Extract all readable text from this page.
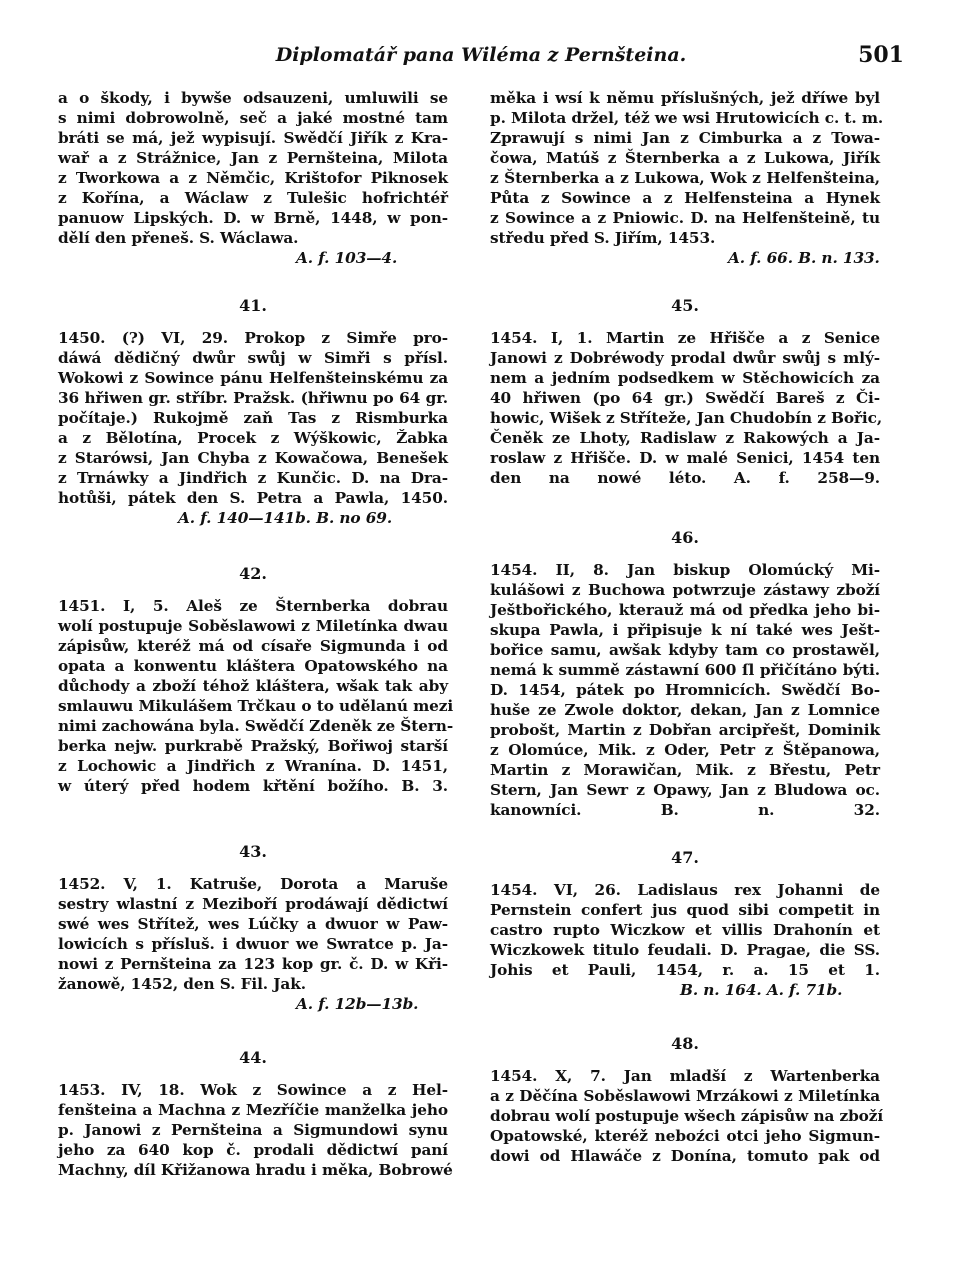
Diplomatář pana Wiléma z Pernšteina.	501
a o škody, i bywše odsauzeni, umluwili se
s nimi dobrowolně, seč a jaké mostné tam
bráti se má, jež wypisují. Swědčí Jiřík z Kra-
wař a z Strážnice, Jan z Pernšteina, Milota
z Tworkowa a z Němčic, Krištofor Piknosek
z Kořína, a Wáclaw z Tulešic hofrichtéř
panuow Lipských. D. w Brně, 1448, w pon-
dělí den přeneš. S. Wáclawa.
A. f. 103—4.
41.
1450. (?) VI, 29. Prokop z Simře pro-
dáwá dědičný dwůr swůj w Simři s přísl.
Wokowi z Sowince pánu Helfenšteinskému za
36 hřiwen gr. stříbr. Pražsk. (hřiwnu po 64 gr.
počítaje.) Rukojmě zaň Tas z Rismburka
a z Bělotína, Procek z Wýškowic, Žabka
z Starówsi, Jan Chyba z Kowačowa, Benešek
z Trnáwky a Jindřich z Kunčic. D. na Dra-
hotůši, pátek den S. Petra a Pawla, 1450.
A. f. 140—141b. B. no 69.
42.
1451. I, 5. Aleš ze Šternberka dobrau
wolí postupuje Soběslawowi z Miletínka dwau
zápisůw, kteréž má od císaře Sigmunda i od
opata a konwentu kláštera Opatowského na
důchody a zboží téhož kláštera, wšak tak aby
smlauwu Mikulášem Trčkau o to udělanú mezi
nimi zachowána byla. Swědčí Zdeněk ze Štern-
berka nejw. purkrabě Pražský, Bořiwoj starší
z Lochowic a Jindřich z Wranína. D. 1451,
w úterý před hodem křtění božího. B. 3.
43.
1452. V, 1. Katruše, Dorota a Maruše
sestry wlastní z Meziboří prodáwají dědictwí
swé wes Střítež, wes Lúčky a dwuor w Paw-
lowicích s přísluš. i dwuor we Swratce p. Ja-
nowi z Pernšteina za 123 kop gr. č. D. w Kři-
žanowě, 1452, den S. Fil. Jak.
A. f. 12b—13b.
44.
1453. IV, 18. Wok z Sowince a z Hel-
fenšteina a Machna z Mezříčie manželka jeho
p. Janowi z Pernšteina a Sigmundowi synu
jeho za 640 kop č. prodali dědictwí paní
Machny, díl Křižanowa hradu i měka, Bobrowé
měka i wsí k němu příslušných, jež dříwe byl
p. Milota držel, též we wsi Hrutowicích c. t. m.
Zprawují s nimi Jan z Cimburka a z Towa-
čowa, Matúš z Šternberka a z Lukowa, Jiřík
z Šternberka a z Lukowa, Wok z Helfenšteina,
Půta z Sowince a z Helfensteina a Hynek
z Sowince a z Pniowic. D. na Helfenšteině, tu
středu před S. Jiřím, 1453.
A. f. 66. B. n. 133.
45.
1454. I, 1. Martin ze Hřišče a z Senice
Janowi z Dobréwody prodal dwůr swůj s mlý-
nem a jedním podsedkem w Stěchowicích za
40 hřiwen (po 64 gr.) Swědčí Bareš z Či-
howic, Wišek z Stříteže, Jan Chudobín z Bořic,
Čeněk ze Lhoty, Radislaw z Rakowých a Ja-
roslaw z Hřišče. D. w malé Senici, 1454 ten
den na nowé léto. A. f. 258—9.
46.
1454. II, 8. Jan biskup Olomúcký Mi-
kulášowi z Buchowa potwrzuje zástawy zboží
Ještbořického, kterauž má od předka jeho bi-
skupa Pawla, i připisuje k ní také wes Ješt-
bořice samu, awšak kdyby tam co prostawěl,
nemá k summě zástawní 600 ſl přičítáno býti.
D. 1454, pátek po Hromnicích. Swědčí Bo-
huše ze Zwole doktor, dekan, Jan z Lomnice
probošt, Martin z Dobřan arcipřešt, Dominik
z Olomúce, Mik. z Oder, Petr z Štěpanowa,
Martin z Morawičan, Mik. z Břestu, Petr
Stern, Jan Sewr z Opawy, Jan z Bludowa oc.
kanowníci. B. n. 32.
47.
1454. VI, 26. Ladislaus rex Johanni de
Pernstein confert jus quod sibi competit in
castro rupto Wiczkow et villis Drahonín et
Wiczkowek titulo feudali. D. Pragae, die SS.
Johis et Pauli, 1454, r. a. 15 et 1.
B. n. 164. A. f. 71b.
48.
1454. X, 7. Jan mladší z Wartenberka
a z Děčína Soběslawowi Mrzákowi z Miletínka
dobrau wolí postupuje wšech zápisůw na zboží
Opatowské, kteréž neboźci otci jeho Sigmun-
dowi od Hlawáče z Donína, tomuto pak od
